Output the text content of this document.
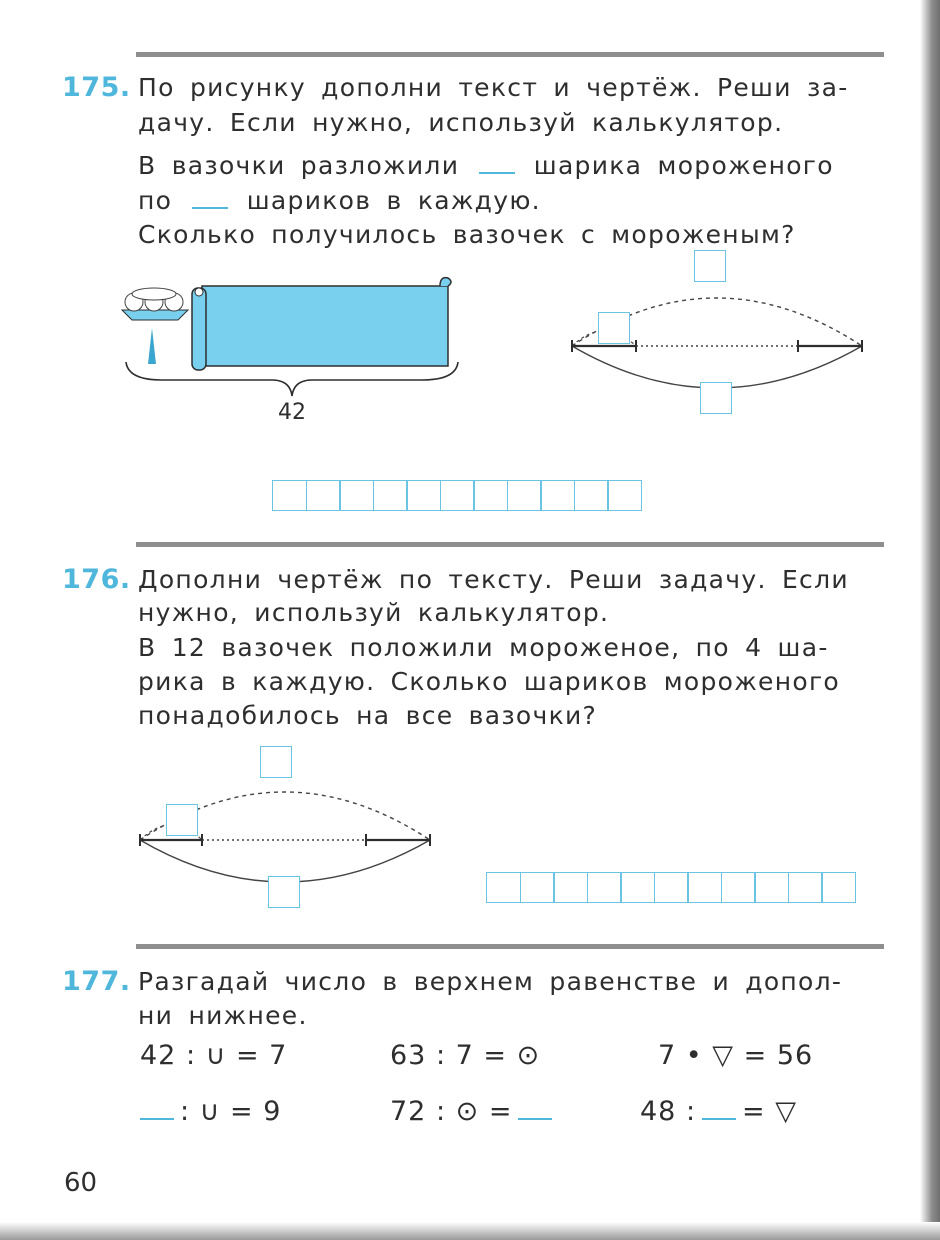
175. По рисунку дополни текст и чертёж. Реши за-
дачу. Если нужно, используй калькулятор.
В вазочки разложили	шарика мороженого
по	шариков в каждую.
Сколько получилось вазочек с мороженым?
42
176. Дополни чертёж по тексту. Реши задачу. Если
нужно, используй калькулятор.
В 12 вазочек положили мороженое, по 4 ша-
рика в каждую. Сколько шариков мороженого
понадобилось на все вазочки?
177. Разгадай число в верхнем равенстве и допол-
ни нижнее.
42 : ∪ = 7	63 : 7 = ⊙	7 • ▽ = 56
: ∪ = 9	72 : ⊙ =	48 : = ▽
60
